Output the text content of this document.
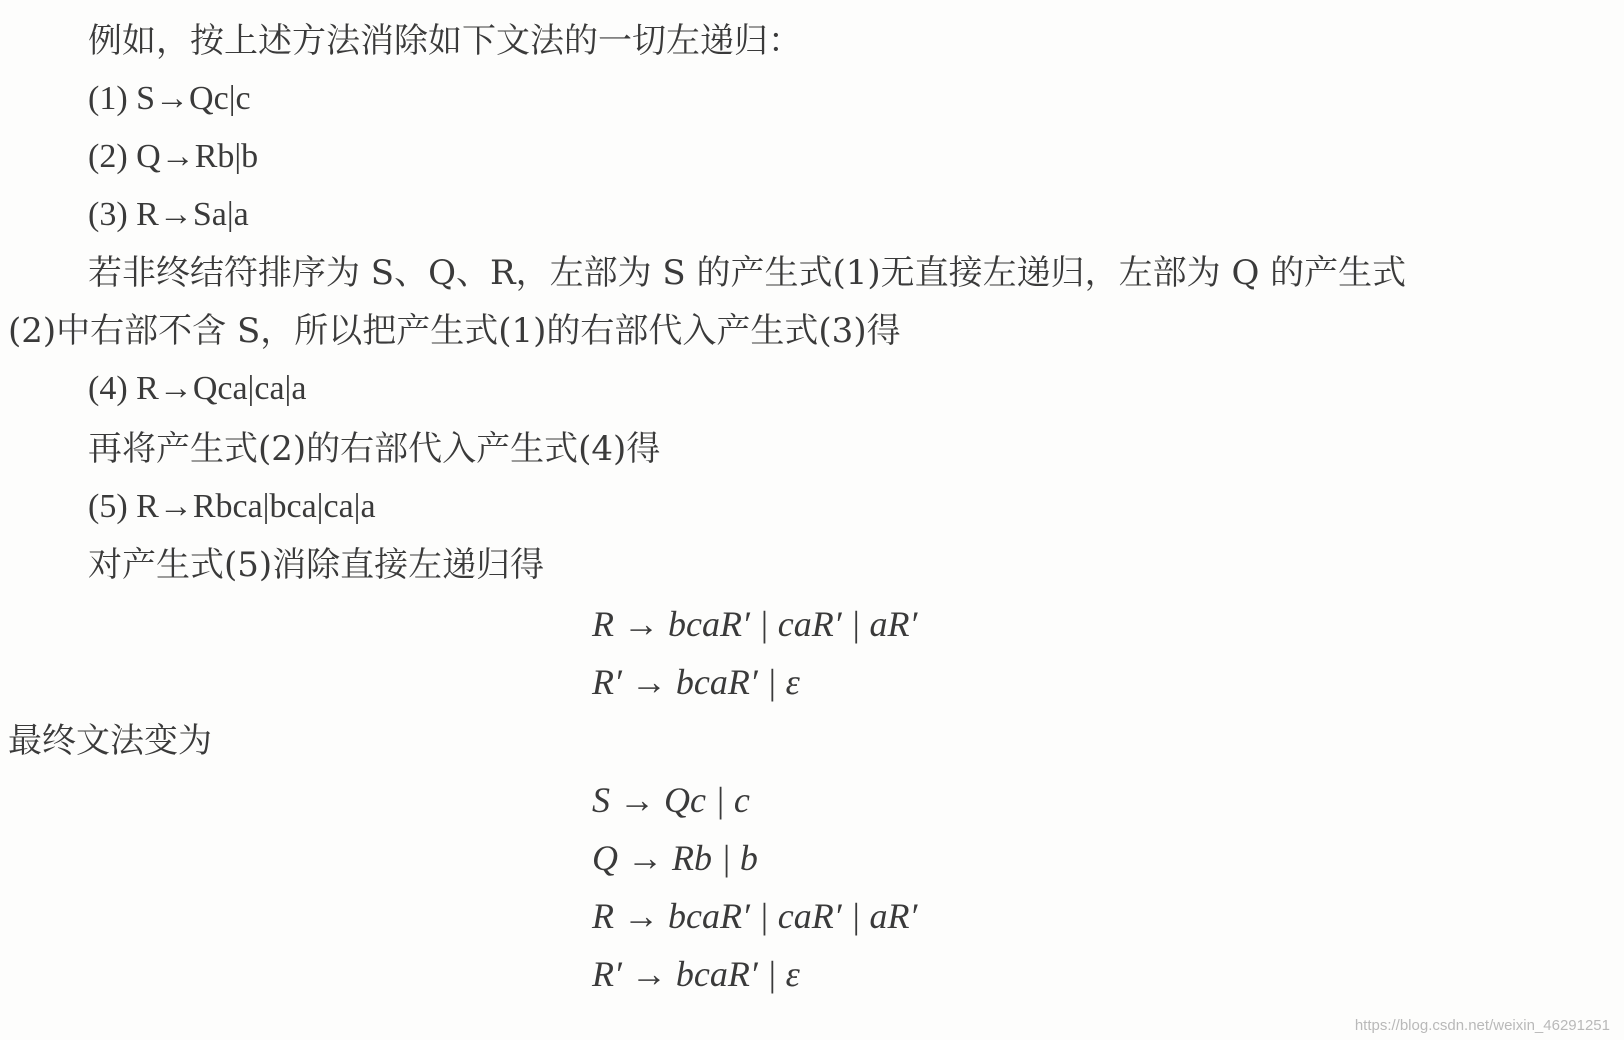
例如，按上述方法消除如下文法的一切左递归：
(1) S→Qc|c
(2) Q→Rb|b
(3) R→Sa|a
若非终结符排序为 S、Q、R，左部为 S 的产生式(1)无直接左递归，左部为 Q 的产生式
(2)中右部不含 S，所以把产生式(1)的右部代入产生式(3)得
(4) R→Qca|ca|a
再将产生式(2)的右部代入产生式(4)得
(5) R→Rbca|bca|ca|a
对产生式(5)消除直接左递归得
R → bcaR′ | caR′ | aR′
R′ → bcaR′ | ε
最终文法变为
S → Qc | c
Q → Rb | b
R → bcaR′ | caR′ | aR′
R′ → bcaR′ | ε
https://blog.csdn.net/weixin_46291251
